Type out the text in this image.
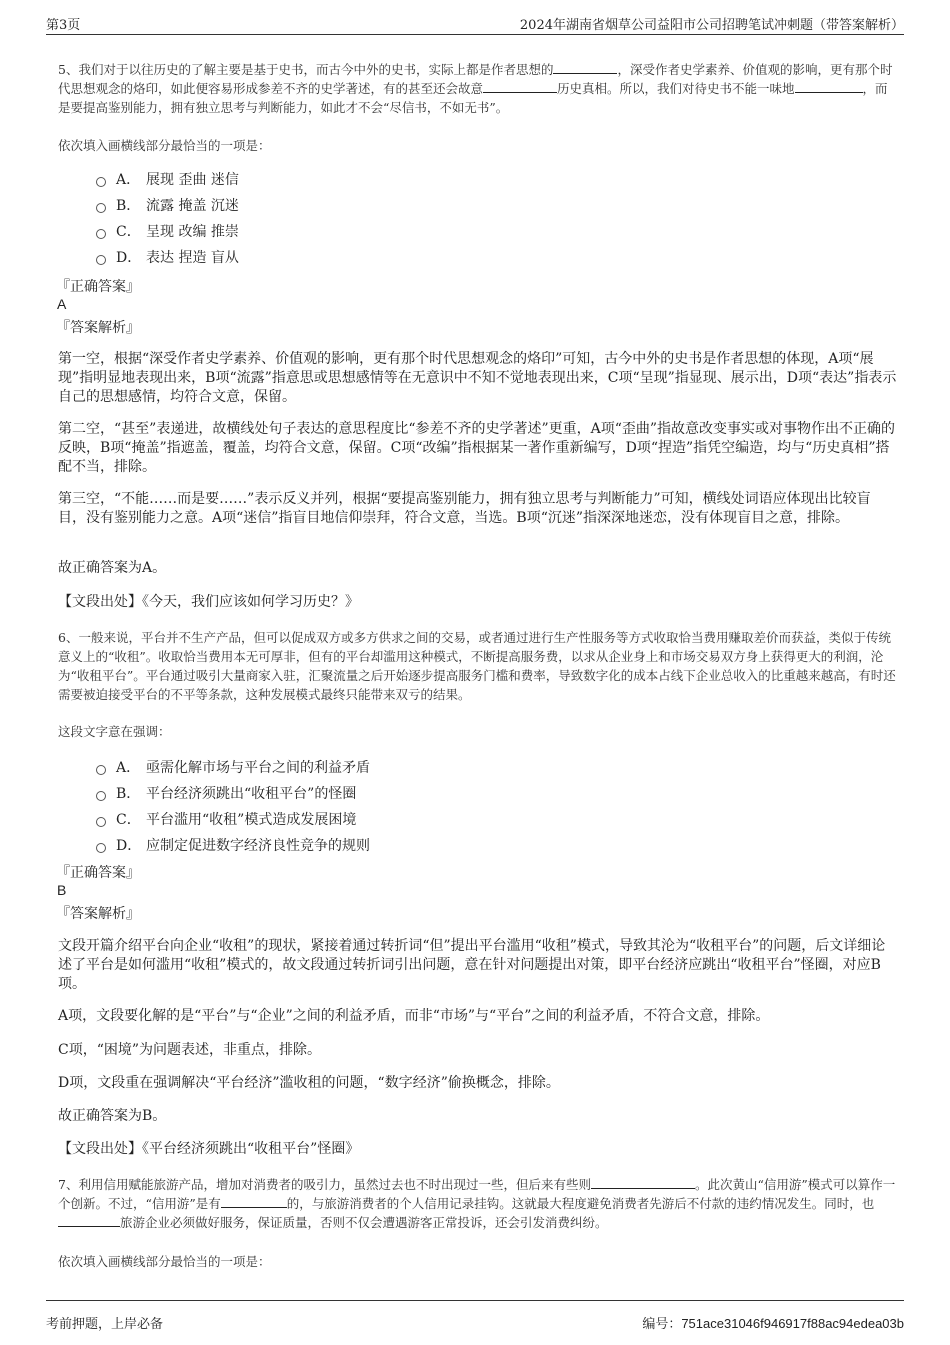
第3页	2024年湖南省烟草公司益阳市公司招聘笔试冲刺题（带答案解析）
5、我们对于以往历史的了解主要是基于史书，而古今中外的史书，实际上都是作者思想的	，深受作者史学素养、价值观的影响，更有那个时代思想观念的烙印，如此便容易形成参差不齐的史学著述，有的甚至还会故意	历史真相。所以，我们对待史书不能一味地	，而是要提高鉴别能力，拥有独立思考与判断能力，如此才不会“尽信书，不如无书”。
依次填入画横线部分最恰当的一项是：
A． 展现 歪曲 迷信
B． 流露 掩盖 沉迷
C． 呈现 改编 推崇
D． 表达 捏造 盲从
『正确答案』
A
『答案解析』
第一空，根据“深受作者史学素养、价值观的影响，更有那个时代思想观念的烙印”可知，古今中外的史书是作者思想的体现，A项“展现”指明显地表现出来，B项“流露”指意思或思想感情等在无意识中不知不觉地表现出来，C项“呈现”指显现、展示出，D项“表达”指表示自己的思想感情，均符合文意，保留。
第二空，“甚至”表递进，故横线处句子表达的意思程度比“参差不齐的史学著述”更重，A项“歪曲”指故意改变事实或对事物作出不正确的反映，B项“掩盖”指遮盖，覆盖，均符合文意，保留。C项“改编”指根据某一著作重新编写，D项“捏造”指凭空编造，均与“历史真相”搭配不当，排除。
第三空，“不能……而是要……”表示反义并列，根据“要提高鉴别能力，拥有独立思考与判断能力”可知，横线处词语应体现出比较盲目，没有鉴别能力之意。A项“迷信”指盲目地信仰崇拜，符合文意，当选。B项“沉迷”指深深地迷恋，没有体现盲目之意，排除。
故正确答案为A。
【文段出处】《今天，我们应该如何学习历史？》
6、一般来说，平台并不生产产品，但可以促成双方或多方供求之间的交易，或者通过进行生产性服务等方式收取恰当费用赚取差价而获益，类似于传统意义上的“收租”。收取恰当费用本无可厚非，但有的平台却滥用这种模式，不断提高服务费，以求从企业身上和市场交易双方身上获得更大的利润，沦为“收租平台”。平台通过吸引大量商家入驻，汇聚流量之后开始逐步提高服务门槛和费率，导致数字化的成本占线下企业总收入的比重越来越高，有时还需要被迫接受平台的不平等条款，这种发展模式最终只能带来双亏的结果。
这段文字意在强调：
A． 亟需化解市场与平台之间的利益矛盾
B． 平台经济须跳出“收租平台”的怪圈
C． 平台滥用“收租”模式造成发展困境
D． 应制定促进数字经济良性竞争的规则
『正确答案』
B
『答案解析』
文段开篇介绍平台向企业“收租”的现状，紧接着通过转折词“但”提出平台滥用“收租”模式，导致其沦为“收租平台”的问题，后文详细论述了平台是如何滥用“收租”模式的，故文段通过转折词引出问题，意在针对问题提出对策，即平台经济应跳出“收租平台”怪圈，对应B项。
A项，文段要化解的是“平台”与“企业”之间的利益矛盾，而非“市场”与“平台”之间的利益矛盾，不符合文意，排除。
C项，“困境”为问题表述，非重点，排除。
D项，文段重在强调解决“平台经济”滥收租的问题，“数字经济”偷换概念，排除。
故正确答案为B。
【文段出处】《平台经济须跳出“收租平台”怪圈》
7、利用信用赋能旅游产品，增加对消费者的吸引力，虽然过去也不时出现过一些，但后来有些则	。此次黄山“信用游”模式可以算作一个创新。不过，“信用游”是有	的，与旅游消费者的个人信用记录挂钩。这就最大程度避免消费者先游后不付款的违约情况发生。同时，也旅游企业必须做好服务，保证质量，否则不仅会遭遇游客正常投诉，还会引发消费纠纷。
依次填入画横线部分最恰当的一项是：
考前押题，上岸必备	编号：751ace31046f946917f88ac94edea03b
